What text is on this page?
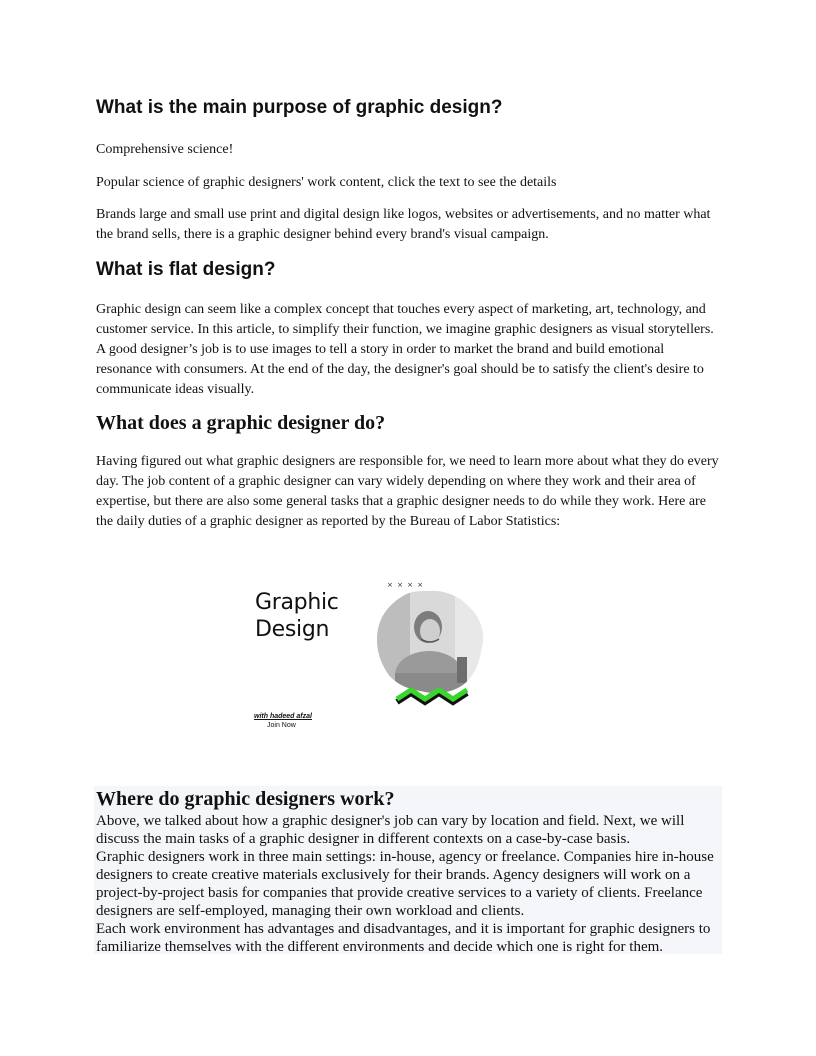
What is the main purpose of graphic design?

Comprehensive science!

Popular science of graphic designers' work content, click the text to see the details

Brands large and small use print and digital design like logos, websites or advertisements, and no matter what the brand sells, there is a graphic designer behind every brand's visual campaign.

What is flat design?

Graphic design can seem like a complex concept that touches every aspect of marketing, art, technology, and customer service. In this article, to simplify their function, we imagine graphic designers as visual storytellers. A good designer’s job is to use images to tell a story in order to market the brand and build emotional resonance with consumers. At the end of the day, the designer's goal should be to satisfy the client's desire to communicate ideas visually.

What does a graphic designer do?

Having figured out what graphic designers are responsible for, we need to learn more about what they do every day. The job content of a graphic designer can vary widely depending on where they work and their area of expertise, but there are also some general tasks that a graphic designer needs to do while they work. Here are the daily duties of a graphic designer as reported by the Bureau of Labor Statistics:

Graphic
Design
× × × ×
with hadeed afzal
Join Now
Where do graphic designers work?

Above, we talked about how a graphic designer's job can vary by location and field. Next, we will discuss the main tasks of a graphic designer in different contexts on a case-by-case basis.

Graphic designers work in three main settings: in-house, agency or freelance. Companies hire in-house designers to create creative materials exclusively for their brands. Agency designers will work on a project-by-project basis for companies that provide creative services to a variety of clients. Freelance designers are self-employed, managing their own workload and clients.

Each work environment has advantages and disadvantages, and it is important for graphic designers to familiarize themselves with the different environments and decide which one is right for them.
